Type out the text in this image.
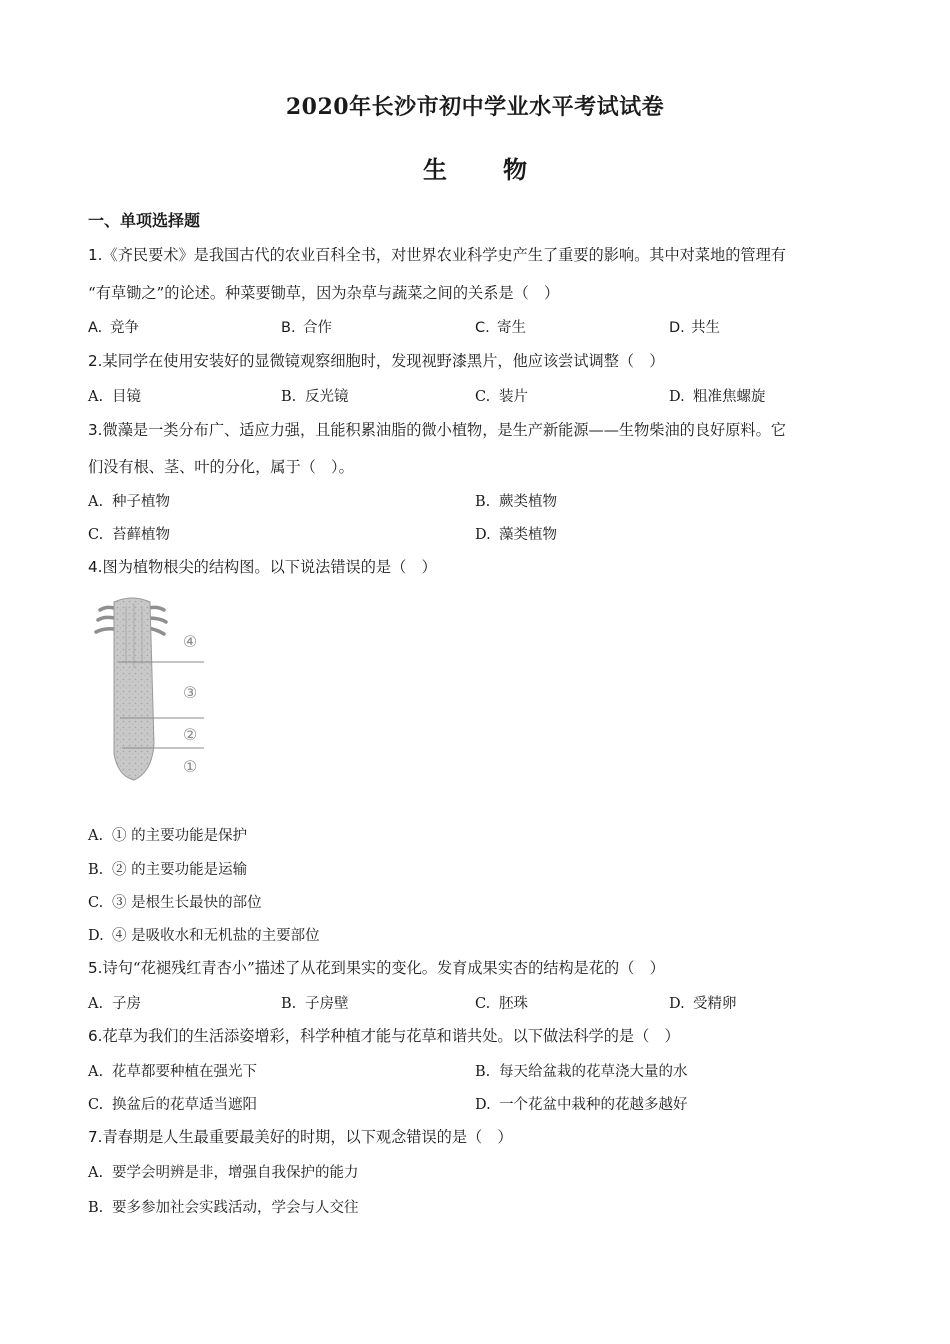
2020年长沙市初中学业水平考试试卷
生 物
一、单项选择题
1.《齐民要术》是我国古代的农业百科全书，对世界农业科学史产生了重要的影响。其中对菜地的管理有
“有草锄之”的论述。种菜要锄草，因为杂草与蔬菜之间的关系是（　）
A. 竞争	B. 合作	C. 寄生	D. 共生
2.某同学在使用安装好的显微镜观察细胞时，发现视野漆黑片，他应该尝试调整（　）
A. 目镜	B. 反光镜	C. 装片	D. 粗准焦螺旋
3.微藻是一类分布广、适应力强，且能积累油脂的微小植物，是生产新能源——生物柴油的良好原料。它
们没有根、茎、叶的分化，属于（　）。
A. 种子植物	B. 蕨类植物
C. 苔藓植物	D. 藻类植物
4.图为植物根尖的结构图。以下说法错误的是（　）
④
③
②
①
A. ① 的主要功能是保护
B. ② 的主要功能是运输
C. ③ 是根生长最快的部位
D. ④ 是吸收水和无机盐的主要部位
5.诗句“花褪残红青杏小”描述了从花到果实的变化。发育成果实杏的结构是花的（　）
A. 子房	B. 子房壁	C. 胚珠	D. 受精卵
6.花草为我们的生活添姿增彩，科学种植才能与花草和谐共处。以下做法科学的是（　）
A. 花草都要种植在强光下	B. 每天给盆栽的花草浇大量的水
C. 换盆后的花草适当遮阳	D. 一个花盆中栽种的花越多越好
7.青春期是人生最重要最美好的时期，以下观念错误的是（　）
A. 要学会明辨是非，增强自我保护的能力
B. 要多参加社会实践活动，学会与人交往
